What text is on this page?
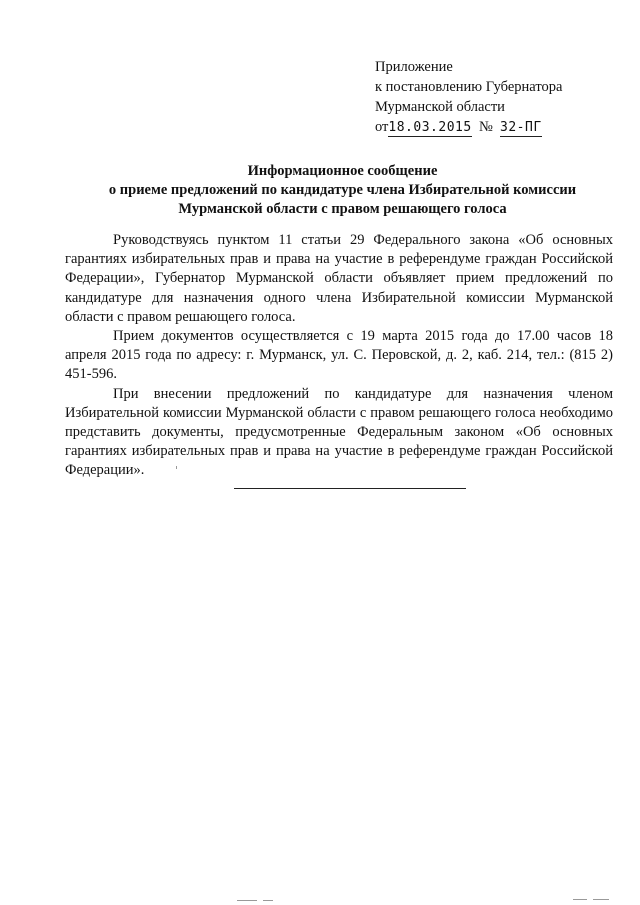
Приложение
к постановлению Губернатора
Мурманской области
от18.03.2015 № 32-ПГ
Информационное сообщение
о приеме предложений по кандидатуре члена Избирательной комиссии
Мурманской области с правом решающего голоса

Руководствуясь пунктом 11 статьи 29 Федерального закона «Об основных гарантиях избирательных прав и права на участие в референдуме граждан Российской Федерации», Губернатор Мурманской области объявляет прием предложений по кандидатуре для назначения одного члена Избирательной комиссии Мурманской области с правом решающего голоса.

Прием документов осуществляется с 19 марта 2015 года до 17.00 часов 18 апреля 2015 года по адресу: г. Мурманск, ул. С. Перовской, д. 2, каб. 214, тел.: (815 2) 451-596.

При внесении предложений по кандидатуре для назначения членом Избирательной комиссии Мурманской области с правом решающего голоса необходимо представить документы, предусмотренные Федеральным законом «Об основных гарантиях избирательных прав и права на участие в референдуме граждан Российской Федерации».
